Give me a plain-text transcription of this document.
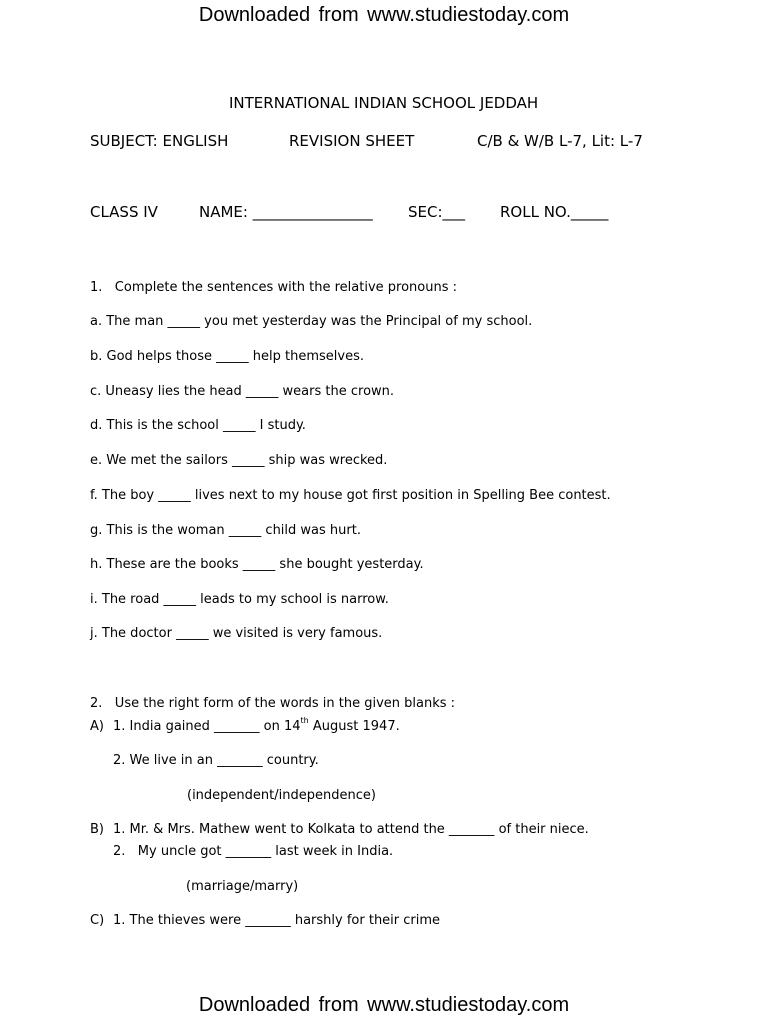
Downloaded from www.studiestoday.com
INTERNATIONAL INDIAN SCHOOL JEDDAH
SUBJECT: ENGLISH	REVISION SHEET	C/B & W/B L-7, Lit: L-7
CLASS IV	NAME: ________________ SEC:___ ROLL NO._____
1.   Complete the sentences with the relative pronouns :
a. The man _____ you met yesterday was the Principal of my school.
b. God helps those _____ help themselves.
c. Uneasy lies the head _____ wears the crown.
d. This is the school _____ I study.
e. We met the sailors _____ ship was wrecked.
f. The boy _____ lives next to my house got first position in Spelling Bee contest.
g. This is the woman _____ child was hurt.
h. These are the books _____ she bought yesterday.
i. The road _____ leads to my school is narrow.
j. The doctor _____ we visited is very famous.
2.   Use the right form of the words in the given blanks :
A) 1. India gained _______ on 14th August 1947.
2. We live in an _______ country.
(independent/independence)
B) 1. Mr. & Mrs. Mathew went to Kolkata to attend the _______ of their niece.
2.   My uncle got _______ last week in India.
(marriage/marry)
C) 1. The thieves were _______ harshly for their crime
Downloaded from www.studiestoday.com
